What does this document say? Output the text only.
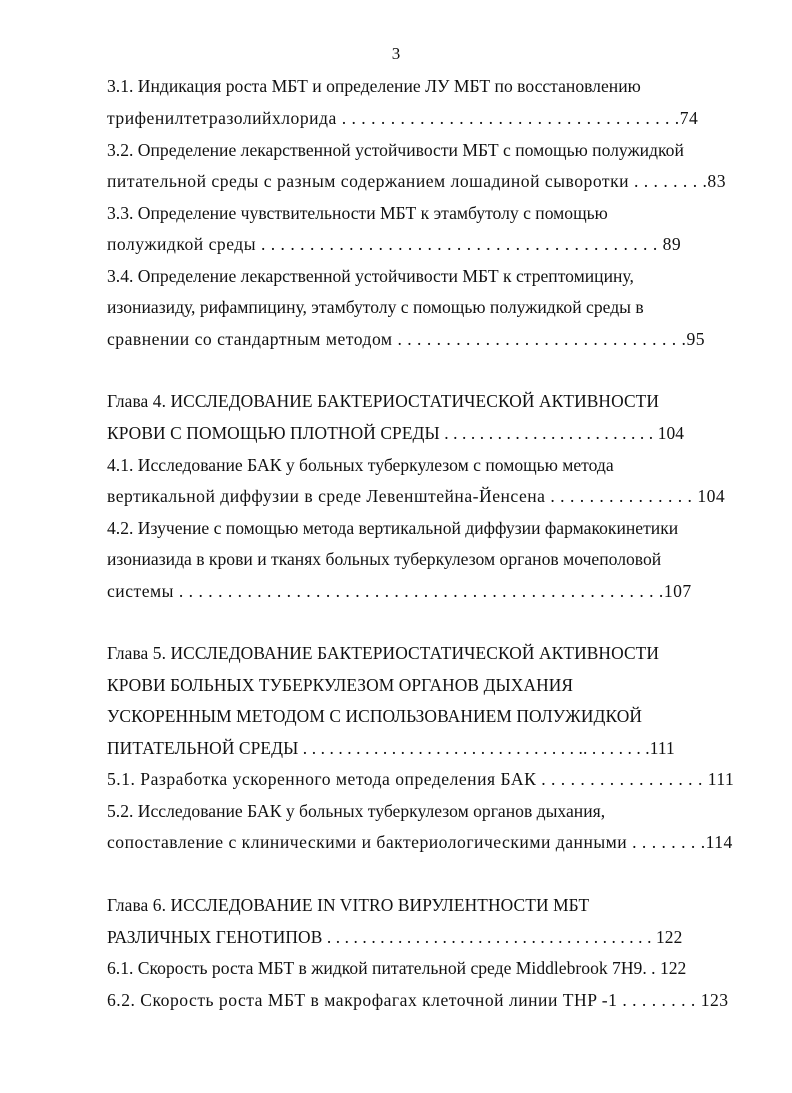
3
3.1. Индикация роста МБТ и определение ЛУ МБТ по восстановлению
трифенилтетразолийхлорида . . . . . . . . . . . . . . . . . . . . . . . . . . . . . . . . . . .74
3.2. Определение лекарственной устойчивости МБТ с помощью полужидкой
питательной среды с разным содержанием лошадиной сыворотки . . . . . . . .83
3.3. Определение чувствительности МБТ к этамбутолу с помощью
полужидкой среды . . . . . . . . . . . . . . . . . . . . . . . . . . . . . . . . . . . . . . . . . 89
3.4. Определение лекарственной устойчивости МБТ к стрептомицину,
изониазиду, рифампицину, этамбутолу с помощью полужидкой среды в
сравнении со стандартным методом . . . . . . . . . . . . . . . . . . . . . . . . . . . . . .95
Глава 4. ИССЛЕДОВАНИЕ БАКТЕРИОСТАТИЧЕСКОЙ АКТИВНОСТИ
КРОВИ С ПОМОЩЬЮ ПЛОТНОЙ СРЕДЫ . . . . . . . . . . . . . . . . . . . . . . . . 104
4.1. Исследование БАК у больных туберкулезом с помощью метода
вертикальной диффузии в среде Левенштейна-Йенсена . . . . . . . . . . . . . . . 104
4.2. Изучение с помощью метода вертикальной диффузии фармакокинетики
изониазида в крови и тканях больных туберкулезом органов мочеполовой
системы . . . . . . . . . . . . . . . . . . . . . . . . . . . . . . . . . . . . . . . . . . . . . . . . . .107
Глава 5. ИССЛЕДОВАНИЕ БАКТЕРИОСТАТИЧЕСКОЙ АКТИВНОСТИ
КРОВИ БОЛЬНЫХ ТУБЕРКУЛЕЗОМ ОРГАНОВ ДЫХАНИЯ
УСКОРЕННЫМ МЕТОДОМ С ИСПОЛЬЗОВАНИЕМ ПОЛУЖИДКОЙ
ПИТАТЕЛЬНОЙ СРЕДЫ . . . . . . . . . . . . . . . . . . . . . . . . . . . . . . . .. . . . . . . .111
5.1. Разработка ускоренного метода определения БАК . . . . . . . . . . . . . . . . . 111
5.2. Исследование БАК у больных туберкулезом органов дыхания,
сопоставление с клиническими и бактериологическими данными . . . . . . . .114
Глава 6. ИССЛЕДОВАНИЕ IN VITRO ВИРУЛЕНТНОСТИ МБТ
РАЗЛИЧНЫХ ГЕНОТИПОВ . . . . . . . . . . . . . . . . . . . . . . . . . . . . . . . . . . . . . 122
6.1. Скорость роста МБТ в жидкой питательной среде Middlebrook 7H9. . 122
6.2. Скорость роста МБТ в макрофагах клеточной линии THP -1 . . . . . . . . 123
